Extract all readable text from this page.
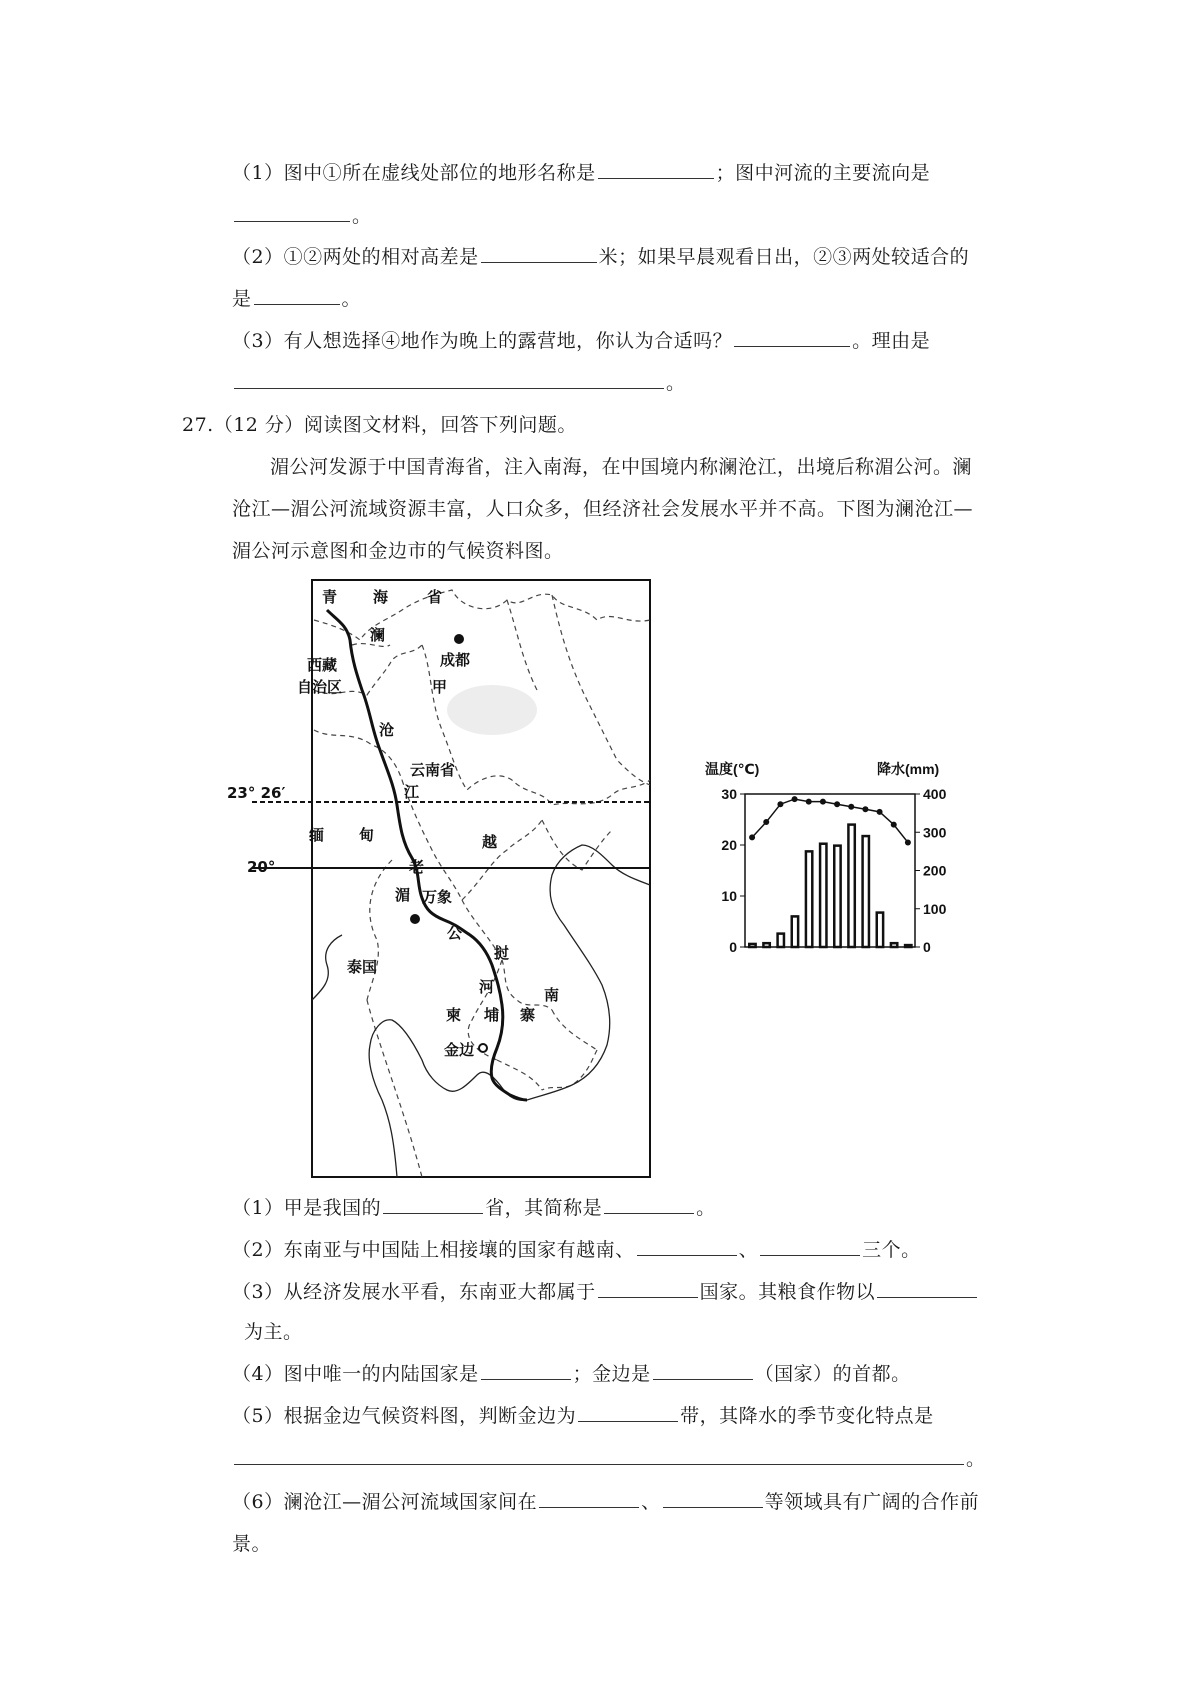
（1）图中①所在虚线处部位的地形名称是	；图中河流的主要流向是
。
（2）①②两处的相对高差是	米；如果早晨观看日出，②③两处较适合的
是	。
（3）有人想选择④地作为晚上的露营地，你认为合适吗？	。理由是
。
27.（12 分）阅读图文材料，回答下列问题。
湄公河发源于中国青海省，注入南海，在中国境内称澜沧江，出境后称湄公河。澜
沧江—湄公河流域资源丰富，人口众多，但经济社会发展水平并不高。下图为澜沧江—
湄公河示意图和金边市的气候资料图。
青 海	省
澜
西藏
自治区
成都
甲
沧
云南省
江
23° 26′
20°
缅 甸	越
老
湄 万象
公
挝
泰国
河	南
柬 埔 寨
金边
温度(℃)	降水(mm)
0
10
20
30
0
100
200
300
400
（1）甲是我国的	省，其简称是	。
（2）东南亚与中国陆上相接壤的国家有越南、	、	三个。
（3）从经济发展水平看，东南亚大都属于	国家。其粮食作物以
为主。
（4）图中唯一的内陆国家是	；金边是	（国家）的首都。
（5）根据金边气候资料图，判断金边为	带，其降水的季节变化特点是
。
（6）澜沧江—湄公河流域国家间在	、	等领域具有广阔的合作前
景。
